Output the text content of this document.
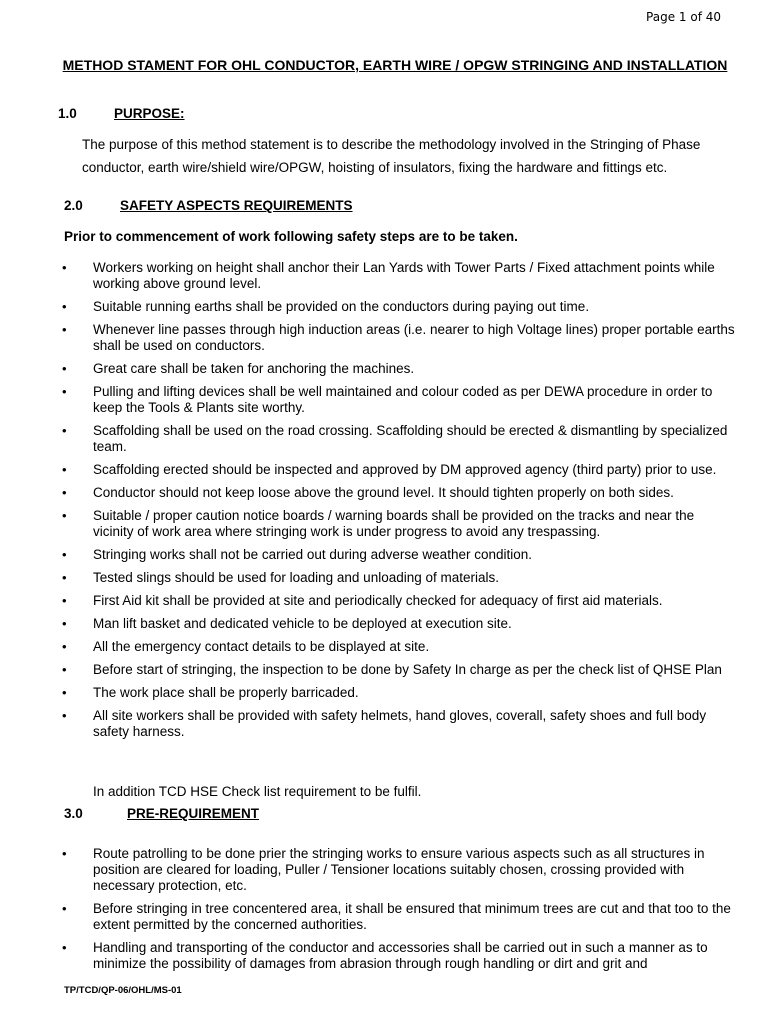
Page 1 of 40
METHOD STAMENT FOR OHL CONDUCTOR, EARTH WIRE / OPGW STRINGING AND INSTALLATION
1.0	PURPOSE:
The purpose of this method statement is to describe the methodology involved in the Stringing of Phase conductor, earth wire/shield wire/OPGW, hoisting of insulators, fixing the hardware and fittings etc.
2.0	SAFETY ASPECTS REQUIREMENTS
Prior to commencement of work following safety steps are to be taken.
• Workers working on height shall anchor their Lan Yards with Tower Parts / Fixed attachment points while working above ground level.
• Suitable running earths shall be provided on the conductors during paying out time.
• Whenever line passes through high induction areas (i.e. nearer to high Voltage lines) proper portable earths shall be used on conductors.
• Great care shall be taken for anchoring the machines.
• Pulling and lifting devices shall be well maintained and colour coded as per DEWA procedure in order to keep the Tools & Plants site worthy.
• Scaffolding shall be used on the road crossing. Scaffolding should be erected & dismantling by specialized team.
• Scaffolding erected should be inspected and approved by DM approved agency (third party) prior to use.
• Conductor should not keep loose above the ground level. It should tighten properly on both sides.
• Suitable / proper caution notice boards / warning boards shall be provided on the tracks and near the vicinity of work area where stringing work is under progress to avoid any trespassing.
• Stringing works shall not be carried out during adverse weather condition.
• Tested slings should be used for loading and unloading of materials.
• First Aid kit shall be provided at site and periodically checked for adequacy of first aid materials.
• Man lift basket and dedicated vehicle to be deployed at execution site.
• All the emergency contact details to be displayed at site.
• Before start of stringing, the inspection to be done by Safety In charge as per the check list of QHSE Plan
• The work place shall be properly barricaded.
• All site workers shall be provided with safety helmets, hand gloves, coverall, safety shoes and full body safety harness.
In addition TCD HSE Check list requirement to be fulfil.
3.0	PRE-REQUIREMENT
• Route patrolling to be done prier the stringing works to ensure various aspects such as all structures in position are cleared for loading, Puller / Tensioner locations suitably chosen, crossing provided with necessary protection, etc.
• Before stringing in tree concentered area, it shall be ensured that minimum trees are cut and that too to the extent permitted by the concerned authorities.
• Handling and transporting of the conductor and accessories shall be carried out in such a manner as to minimize the possibility of damages from abrasion through rough handling or dirt and grit and
TP/TCD/QP-06/OHL/MS-01
